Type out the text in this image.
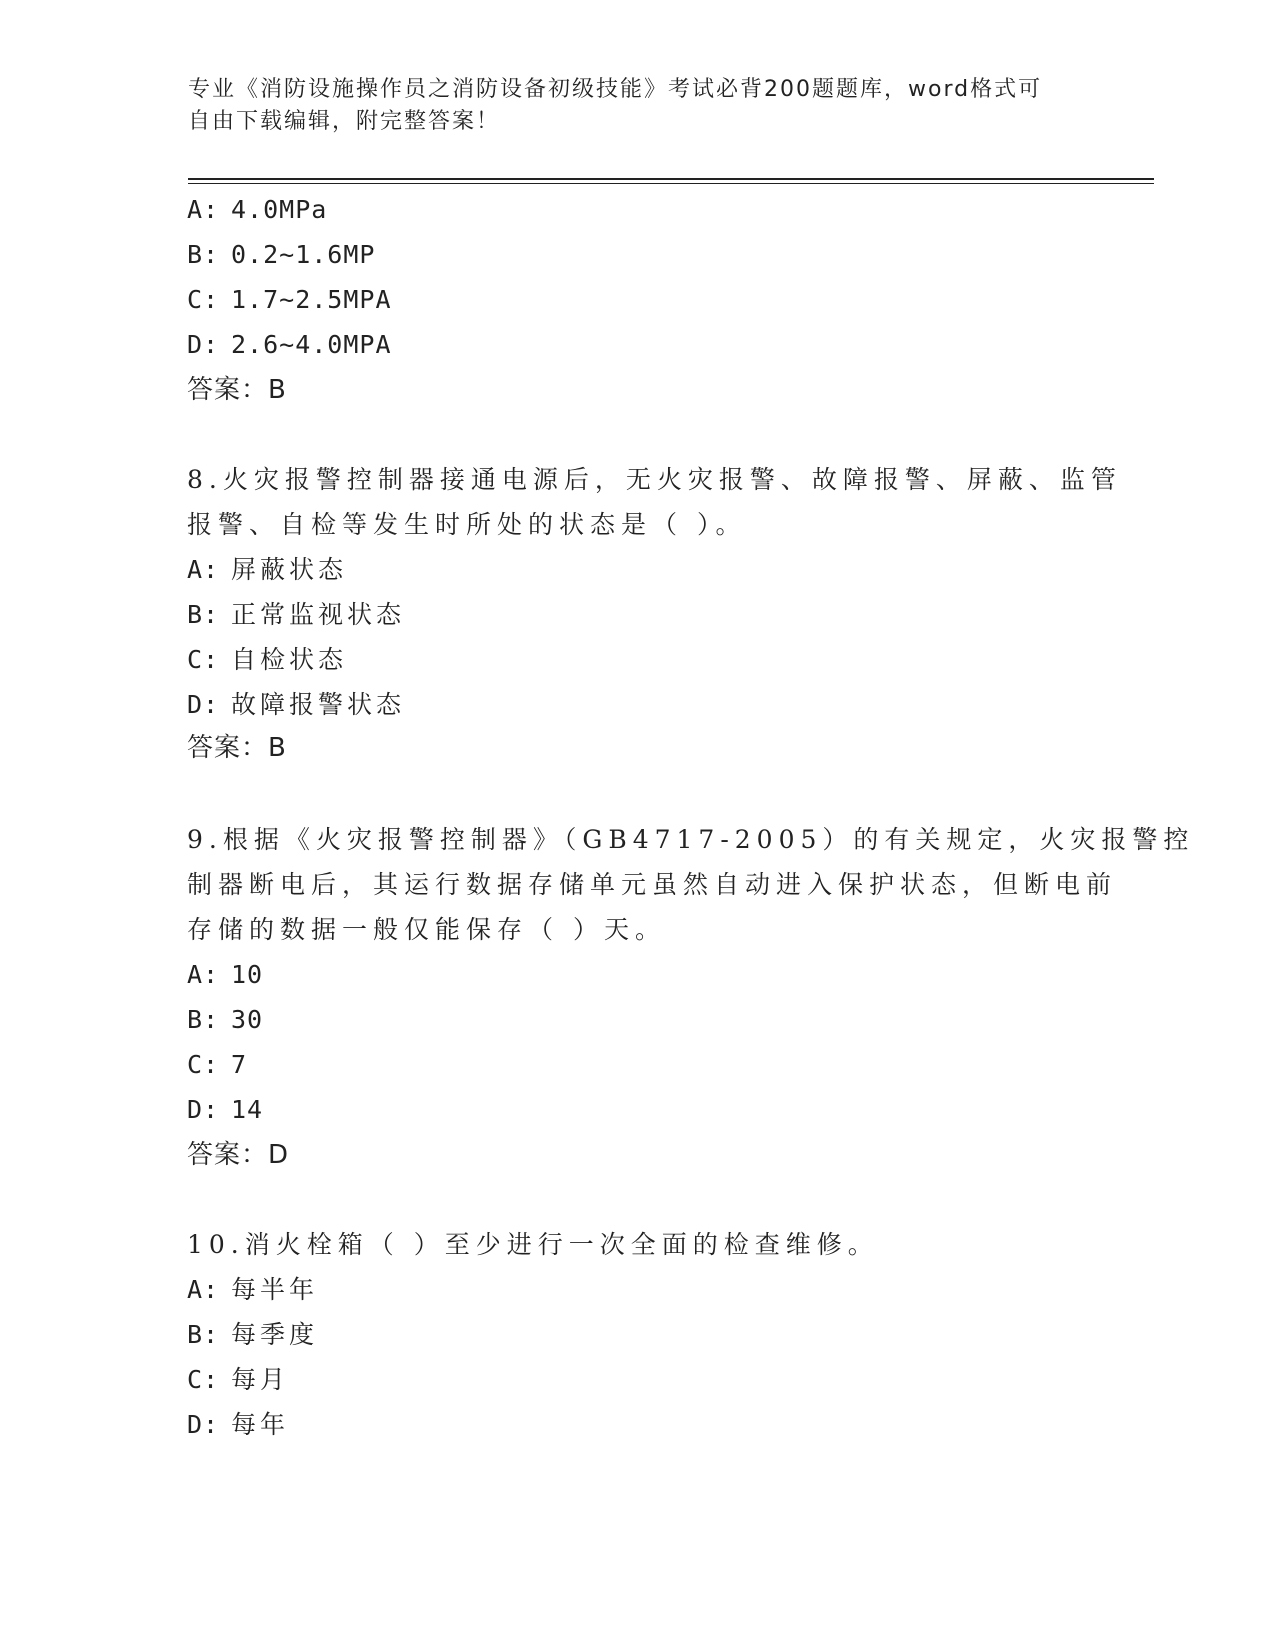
专业《消防设施操作员之消防设备初级技能》考试必背200题题库，word格式可
自由下载编辑，附完整答案！
A: 4.0MPa
B: 0.2~1.6MP
C: 1.7~2.5MPA
D: 2.6~4.0MPA
答案：B
8.火灾报警控制器接通电源后，无火灾报警、故障报警、屏蔽、监管
报警、自检等发生时所处的状态是（ ）。
A: 屏蔽状态
B: 正常监视状态
C: 自检状态
D: 故障报警状态
答案：B
9.根据《火灾报警控制器》（GB4717-2005）的有关规定，火灾报警控
制器断电后，其运行数据存储单元虽然自动进入保护状态，但断电前
存储的数据一般仅能保存（ ）天。
A: 10
B: 30
C: 7
D: 14
答案：D
10.消火栓箱（ ）至少进行一次全面的检查维修。
A: 每半年
B: 每季度
C: 每月
D: 每年
